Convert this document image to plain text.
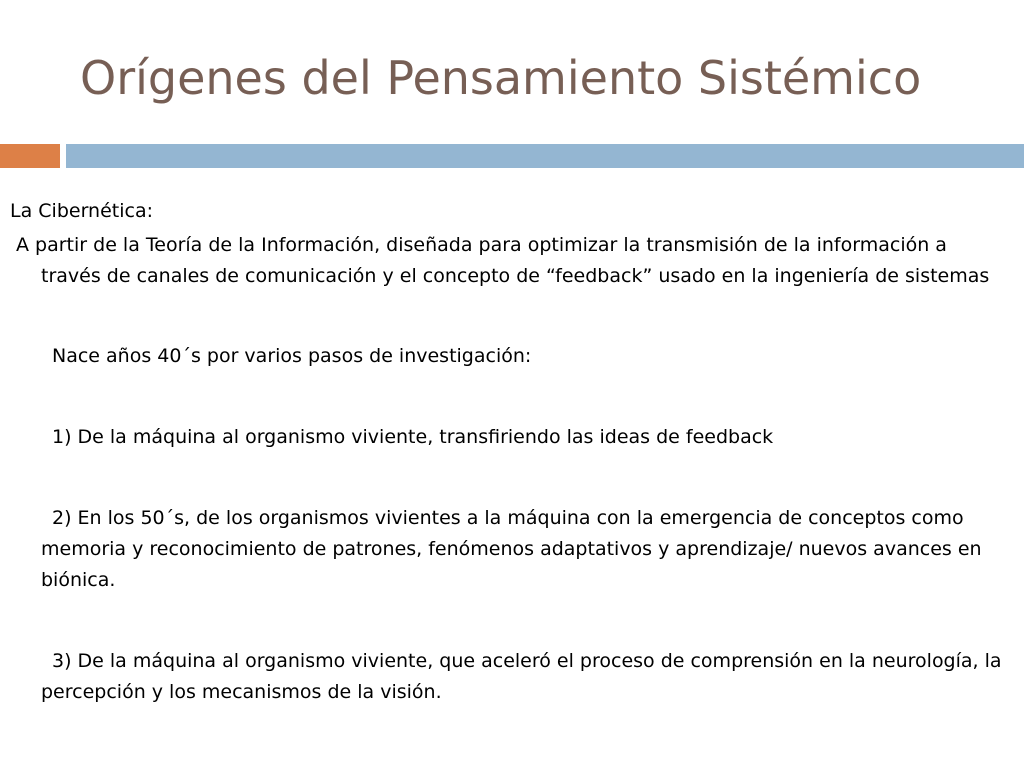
Orígenes del Pensamiento Sistémico

La Cibernética:

A partir de la Teoría de la Información, diseñada para optimizar la transmisión de la información a través de canales de comunicación y el concepto de “feedback” usado en la ingeniería de sistemas

Nace años 40´s por varios pasos de investigación:

1) De la máquina al organismo viviente, transfiriendo las ideas de feedback

2) En los 50´s, de los organismos vivientes a la máquina con la emergencia de conceptos como memoria y reconocimiento de patrones, fenómenos adaptativos y aprendizaje/ nuevos avances en biónica.

3) De la máquina al organismo viviente, que aceleró el proceso de comprensión en la neurología, la percepción y los mecanismos de la visión.
